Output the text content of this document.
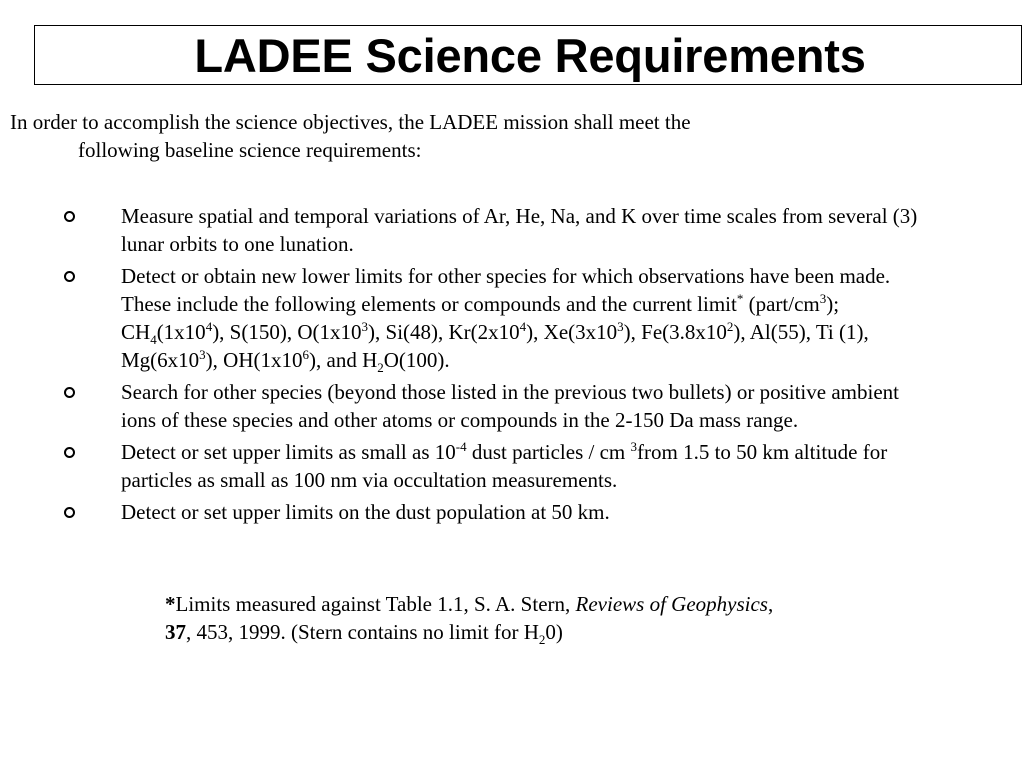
LADEE Science Requirements
In order to accomplish the science objectives, the LADEE mission shall meet the
following baseline science requirements:
Measure spatial and temporal variations of Ar, He, Na, and K over time scales from several (3) lunar orbits to one lunation.
Detect or obtain new lower limits for other species for which observations have been made. These include the following elements or compounds and the current limit* $(part/cm^3)$; $CH_4(1x10^4)$, S(150), $O(1x10^3)$, Si(48), $Kr(2x10^4)$, $Xe(3x10^3)$, $Fe(3.8x10^2)$, Al(55), Ti (1), $Mg(6x10^3)$, $OH(1x10^6)$, and $H_2O(100)$.
Search for other species (beyond those listed in the previous two bullets) or positive ambient ions of these species and other atoms or compounds in the 2-150 Da mass range.
Detect or set upper limits as small as $10^{-4}$ dust particles / cm $^3$from 1.5 to 50 km altitude for particles as small as 100 nm via occultation measurements.
Detect or set upper limits on the dust population at 50 km.
*Limits measured against Table 1.1, S. A. Stern, Reviews of Geophysics,
37, 453, 1999. (Stern contains no limit for $H_20$)
